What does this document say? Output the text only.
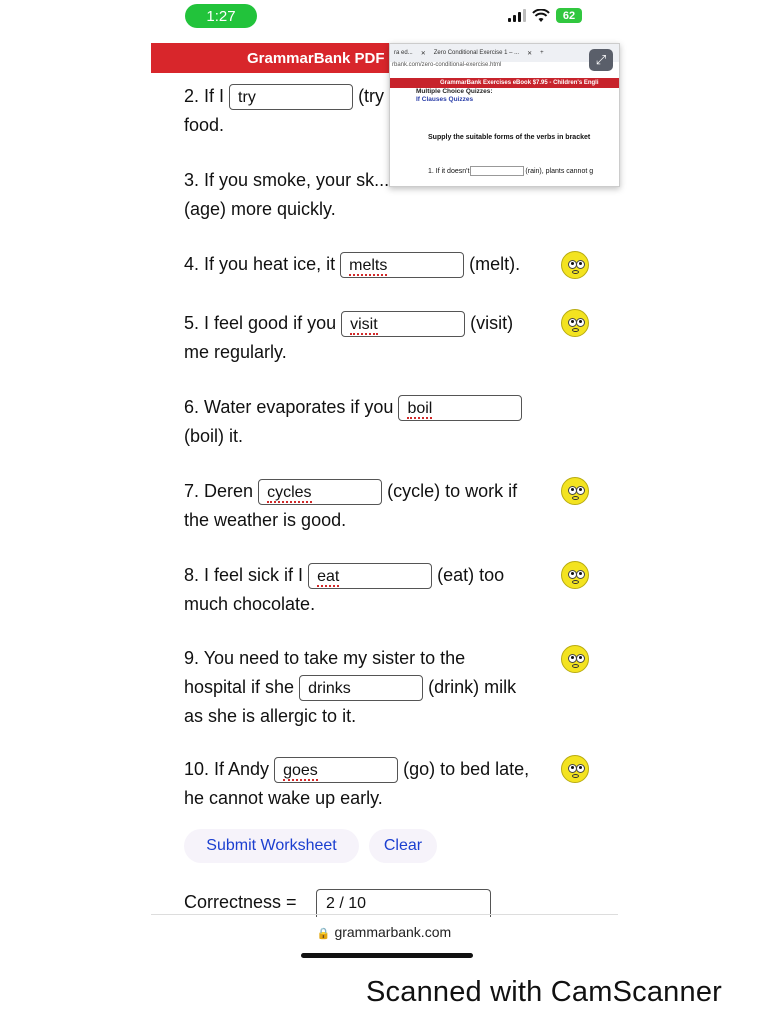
1:27	62
GrammarBank PDF ra ed... ✕ Zero Conditional Exercise 1 – ... ✕ +
rbank.com/zero-conditional-exercise.html
GrammarBank Exercises eBook $7.95 - Children's Engli
Multiple Choice Quizzes:
If Clauses Quizzes
Supply the suitable forms of the verbs in bracket
1. If it doesn't	(rain), plants cannot g
⤢
2. If I try	(try
food.
3. If you smoke, your sk...
(age) more quickly.
4. If you heat ice, it melts	(melt).
5. I feel good if you visit	(visit)
me regularly.
6. Water evaporates if you boil
(boil) it.
7. Deren cycles	(cycle) to work if
the weather is good.
8. I feel sick if I eat	(eat) too
much chocolate.
9. You need to take my sister to the
hospital if she drinks	(drink) milk
as she is allergic to it.
10. If Andy goes	(go) to bed late,
he cannot wake up early.
Submit Worksheet	Clear
Correctness =	2 / 10
🔒 grammarbank.com
Scanned with CamScanner
